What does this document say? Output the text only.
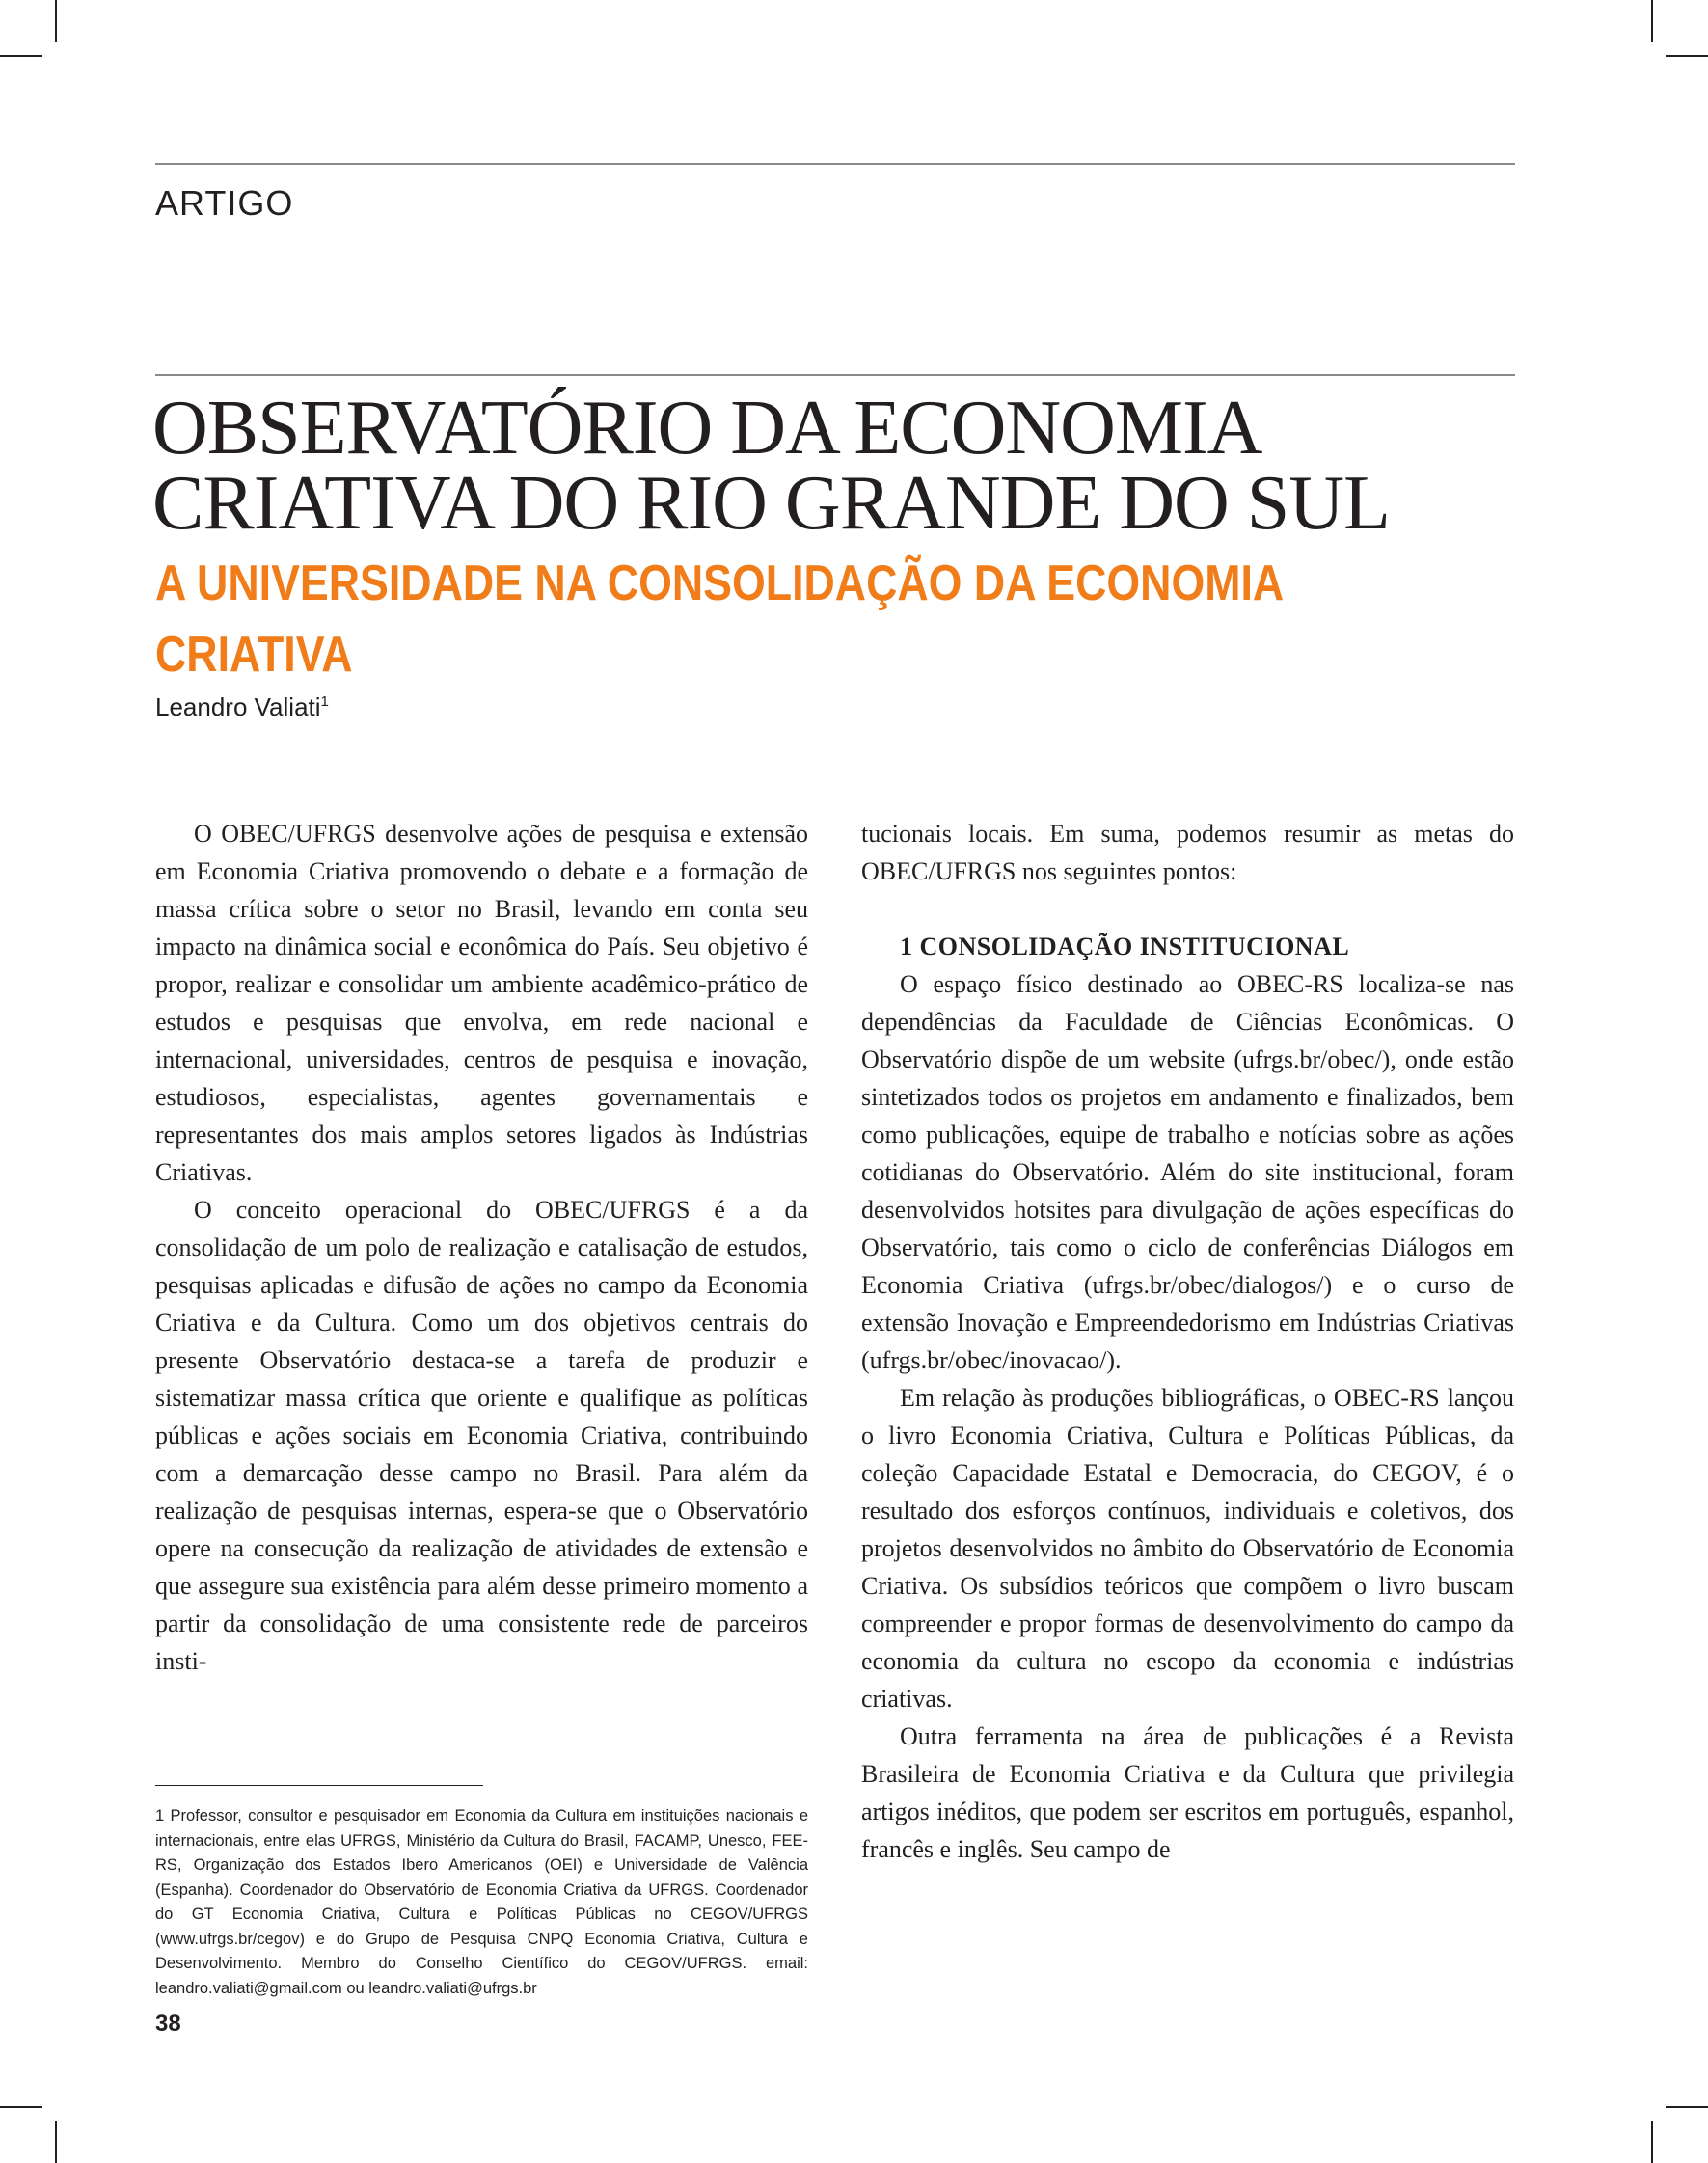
ARTIGO
OBSERVATÓRIO DA ECONOMIA
CRIATIVA DO RIO GRANDE DO SUL
A UNIVERSIDADE NA CONSOLIDAÇÃO DA ECONOMIA CRIATIVA
Leandro Valiati$^1$

O OBEC/UFRGS desenvolve ações de pesquisa e extensão em Economia Criativa promovendo o debate e a formação de massa crítica sobre o setor no Brasil, levando em conta seu impacto na dinâmica social e econômica do País. Seu objetivo é propor, realizar e consolidar um ambiente acadêmico-prático de estudos e pesquisas que envolva, em rede nacional e internacional, universidades, centros de pesquisa e inovação, estudiosos, especialistas, agentes governamentais e representantes dos mais amplos setores ligados às Indústrias Criativas.

O conceito operacional do OBEC/UFRGS é a da consolidação de um polo de realização e catalisação de estudos, pesquisas aplicadas e difusão de ações no campo da Economia Criativa e da Cultura. Como um dos objetivos centrais do presente Observatório destaca-se a tarefa de produzir e sistematizar massa crítica que oriente e qualifique as políticas públicas e ações sociais em Economia Criativa, contribuindo com a demarcação desse campo no Brasil. Para além da realização de pesquisas internas, espera-se que o Observatório opere na consecução da realização de atividades de extensão e que assegure sua existência para além desse primeiro momento a partir da consolidação de uma consistente rede de parceiros insti-

tucionais locais. Em suma, podemos resumir as metas do OBEC/UFRGS nos seguintes pontos:

1 CONSOLIDAÇÃO INSTITUCIONAL

O espaço físico destinado ao OBEC-RS localiza-se nas dependências da Faculdade de Ciências Econômicas. O Observatório dispõe de um website (ufrgs.br/obec/), onde estão sintetizados todos os projetos em andamento e finalizados, bem como publicações, equipe de trabalho e notícias sobre as ações cotidianas do Observatório. Além do site institucional, foram desenvolvidos hotsites para divulgação de ações específicas do Observatório, tais como o ciclo de conferências Diálogos em Economia Criativa (ufrgs.br/obec/dialogos/) e o curso de extensão Inovação e Empreendedorismo em Indústrias Criativas (ufrgs.br/obec/inovacao/).

Em relação às produções bibliográficas, o OBEC-RS lançou o livro Economia Criativa, Cultura e Políticas Públicas, da coleção Capacidade Estatal e Democracia, do CEGOV, é o resultado dos esforços contínuos, individuais e coletivos, dos projetos desenvolvidos no âmbito do Observatório de Economia Criativa. Os subsídios teóricos que compõem o livro buscam compreender e propor formas de desenvolvimento do campo da economia da cultura no escopo da economia e indústrias criativas.

Outra ferramenta na área de publicações é a Revista Brasileira de Economia Criativa e da Cultura que privilegia artigos inéditos, que podem ser escritos em português, espanhol, francês e inglês. Seu campo de

1 Professor, consultor e pesquisador em Economia da Cultura em instituições nacionais e internacionais, entre elas UFRGS, Ministério da Cultura do Brasil, FACAMP, Unesco, FEE-RS, Organização dos Estados Ibero Americanos (OEI) e Universidade de Valência (Espanha). Coordenador do Observatório de Economia Criativa da UFRGS. Coordenador do GT Economia Criativa, Cultura e Políticas Públicas no CEGOV/UFRGS (www.ufrgs.br/cegov) e do Grupo de Pesquisa CNPQ Economia Criativa, Cultura e Desenvolvimento. Membro do Conselho Científico do CEGOV/UFRGS. email: leandro.valiati@gmail.com ou leandro.valiati@ufrgs.br
38
